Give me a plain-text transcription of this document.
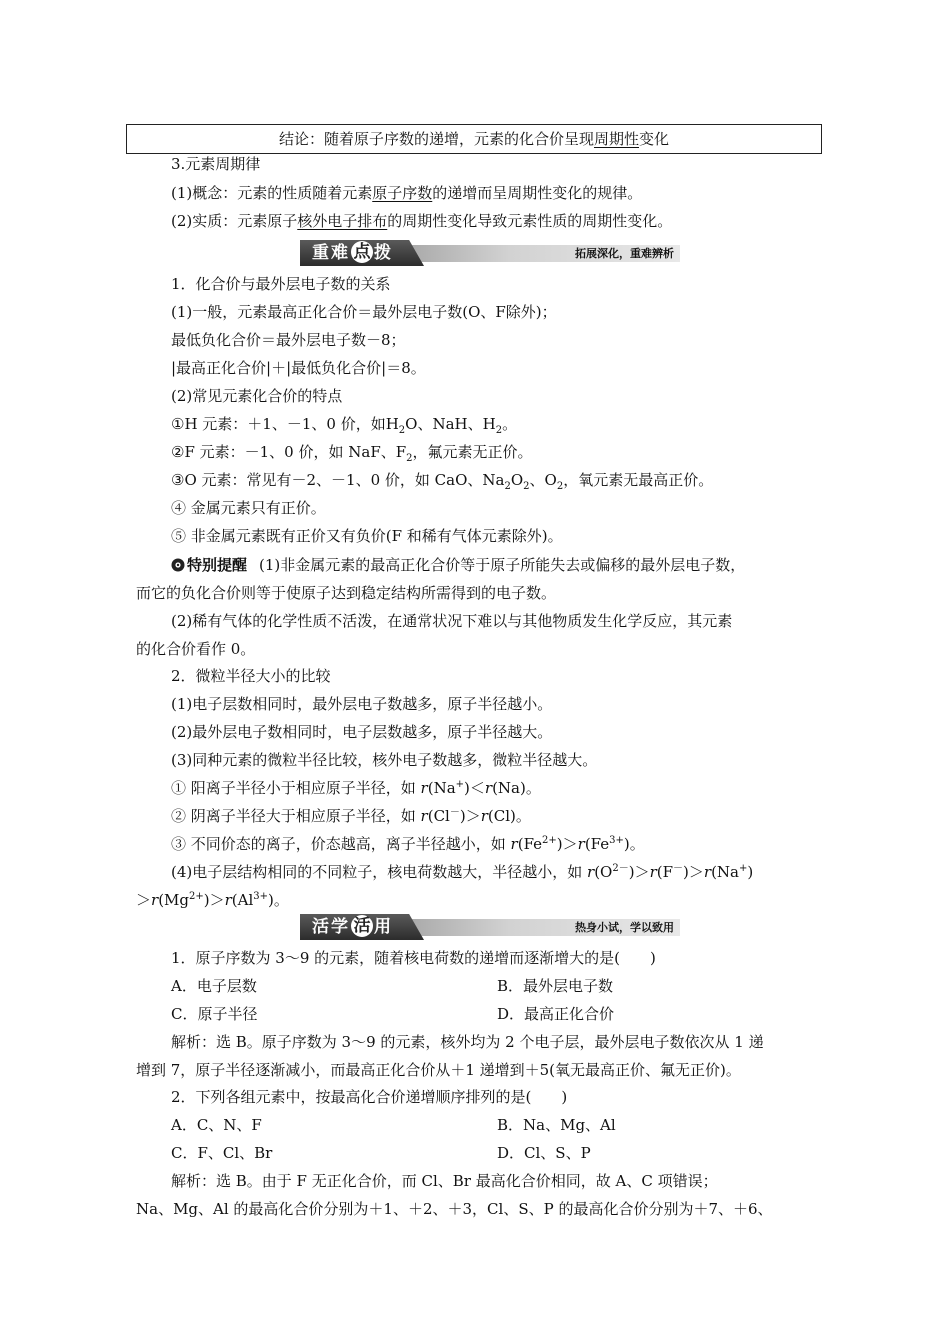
结论：随着原子序数的递增，元素的化合价呈现周期性变化
3.元素周期律
(1)概念：元素的性质随着元素原子序数的递增而呈周期性变化的规律。
(2)实质：元素原子核外电子排布的周期性变化导致元素性质的周期性变化。
重难 点 拨	拓展深化，重难辨析
1．化合价与最外层电子数的关系
(1)一般，元素最高正化合价＝最外层电子数(O、F除外)；
最低负化合价＝最外层电子数－8；
|最高正化合价|＋|最低负化合价|＝8。
(2)常见元素化合价的特点
①H 元素：＋1、－1、0 价，如$H_2O$、NaH、$H_2$。
②F 元素：－1、0 价，如 NaF、$F_2$，氟元素无正价。
③O 元素：常见有－2、－1、0 价，如 CaO、$Na_2O_2$、$O_2$，氧元素无最高正价。
④ 金属元素只有正价。
⑤ 非金属元素既有正价又有负价(F 和稀有气体元素除外)。
特别提醒 (1)非金属元素的最高正化合价等于原子所能失去或偏移的最外层电子数，
而它的负化合价则等于使原子达到稳定结构所需得到的电子数。
(2)稀有气体的化学性质不活泼，在通常状况下难以与其他物质发生化学反应，其元素
的化合价看作 0。
2．微粒半径大小的比较
(1)电子层数相同时，最外层电子数越多，原子半径越小。
(2)最外层电子数相同时，电子层数越多，原子半径越大。
(3)同种元素的微粒半径比较，核外电子数越多，微粒半径越大。
① 阳离子半径小于相应原子半径，如 r(Na+)＜r(Na)。
② 阴离子半径大于相应原子半径，如 r(Cl－)＞r(Cl)。
③ 不同价态的离子，价态越高，离子半径越小，如 $r(Fe^{2+})>r(Fe^{3+})$。
(4)电子层结构相同的不同粒子，核电荷数越大，半径越小，如 $r(O^{2-})>r(F^-)>r(Na^+)$
$>r(Mg^{2+})>r(Al^{3+})$。
活学 活 用	热身小试，学以致用
1．原子序数为 3～9 的元素，随着核电荷数的递增而逐渐增大的是(　　)
A．电子层数	B．最外层电子数
C．原子半径	D．最高正化合价
解析：选 B。原子序数为 3～9 的元素，核外均为 2 个电子层，最外层电子数依次从 1 递
增到 7，原子半径逐渐减小，而最高正化合价从＋1 递增到＋5(氧无最高正价、氟无正价)。
2．下列各组元素中，按最高化合价递增顺序排列的是(　　)
A．C、N、F	B．Na、Mg、Al
C．F、Cl、Br	D．Cl、S、P
解析：选 B。由于 F 无正化合价，而 Cl、Br 最高化合价相同，故 A、C 项错误；
Na、Mg、Al 的最高化合价分别为＋1、＋2、＋3，Cl、S、P 的最高化合价分别为＋7、＋6、
